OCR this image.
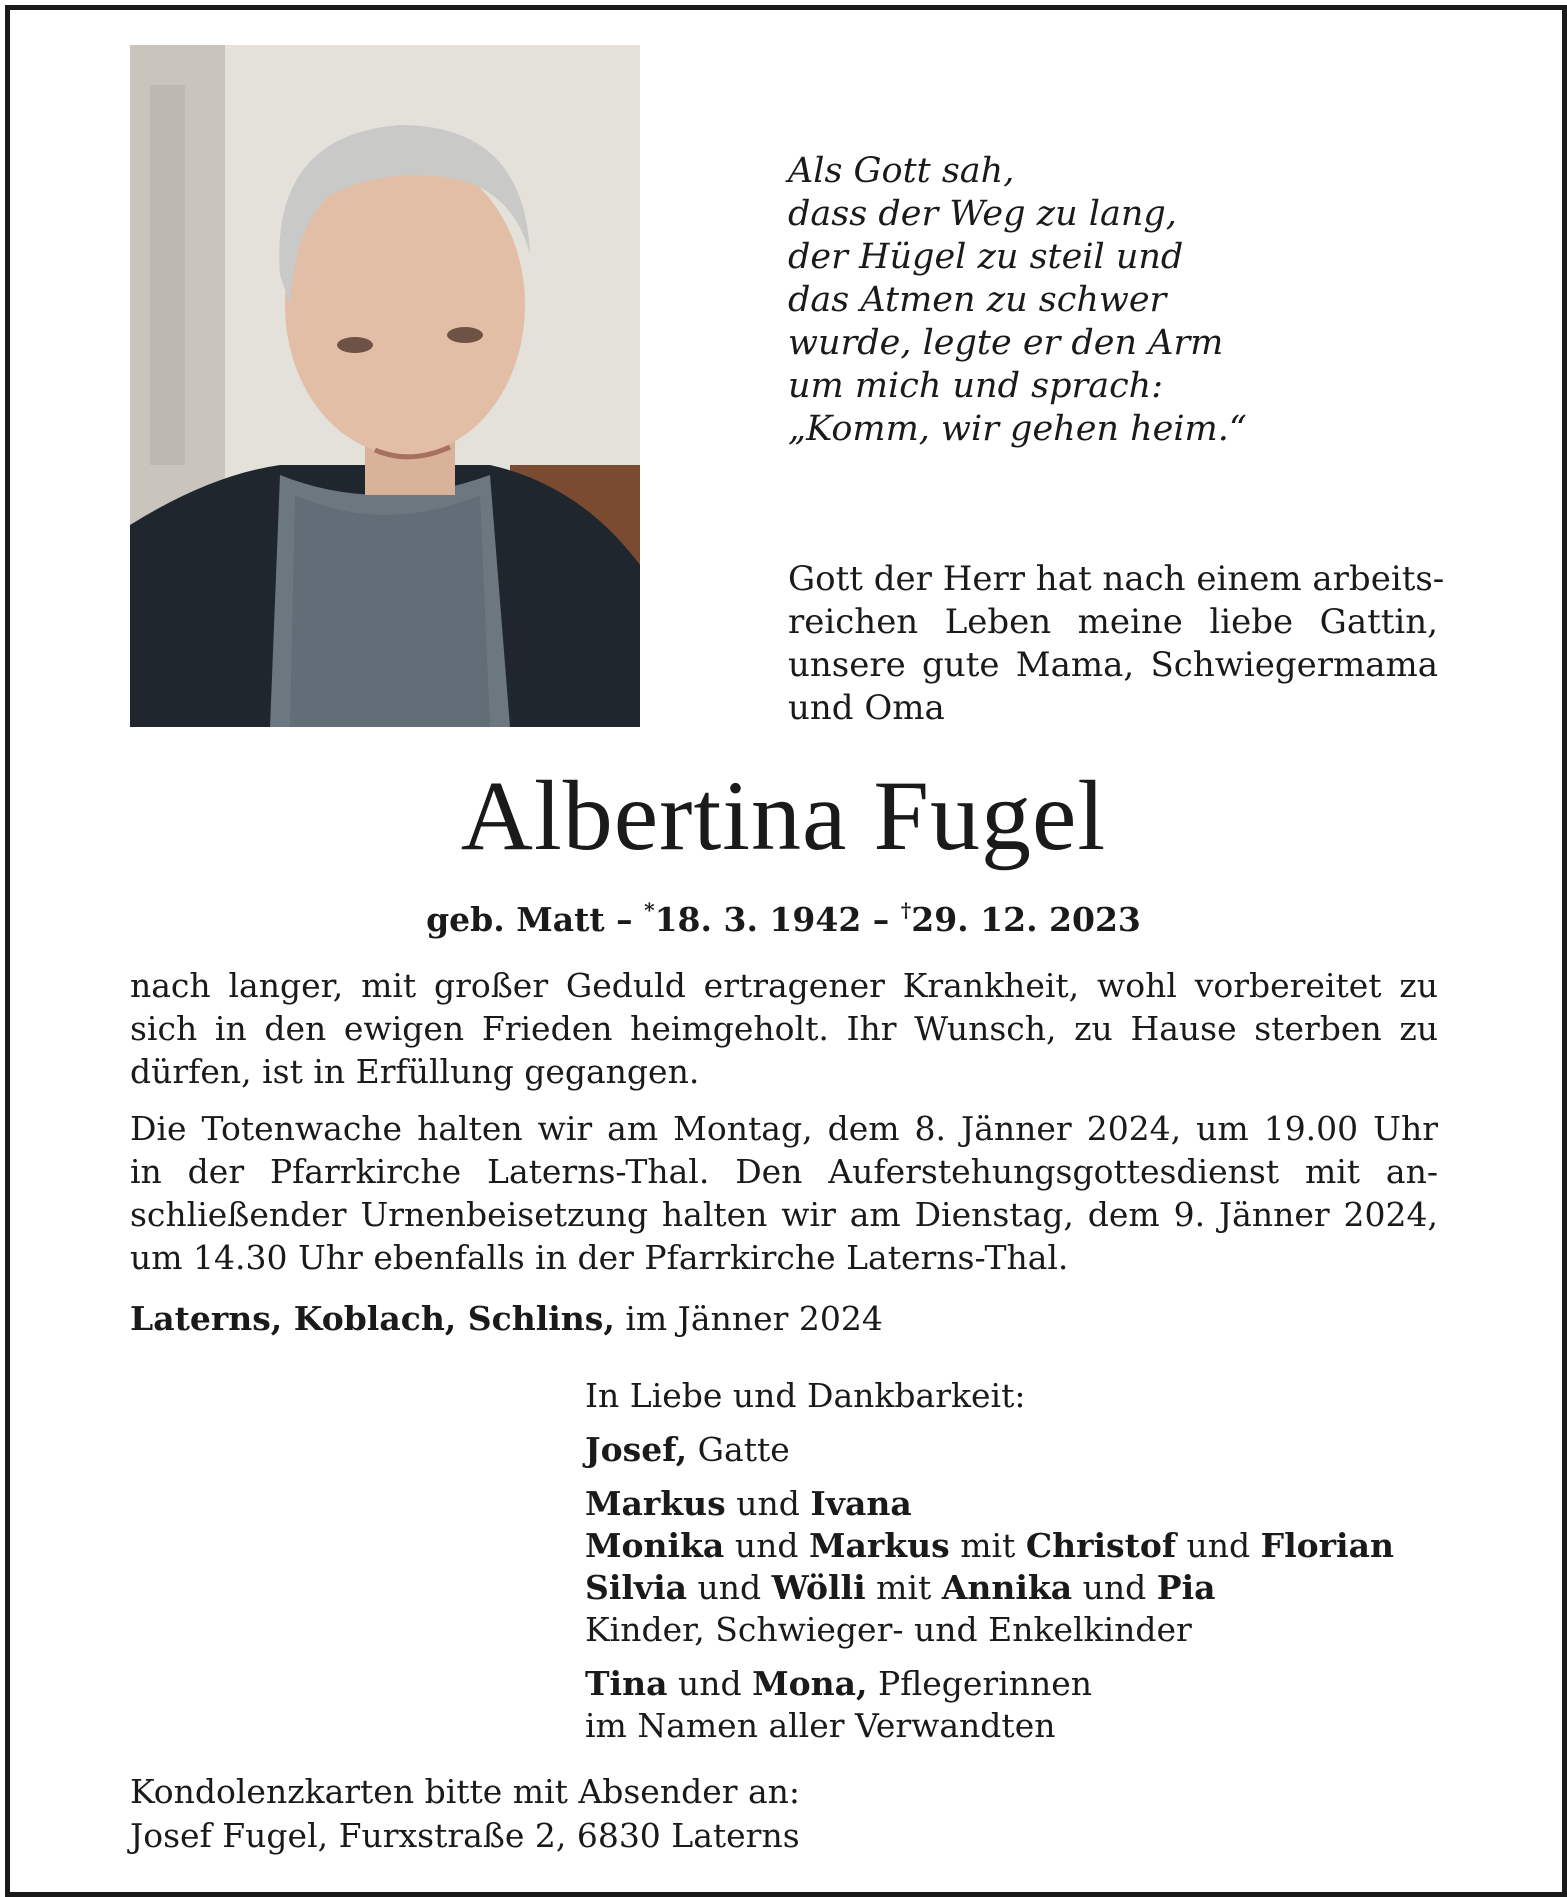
Als Gott sah,
dass der Weg zu lang,
der Hügel zu steil und
das Atmen zu schwer
wurde, legte er den Arm
um mich und sprach:
„Komm, wir gehen heim.“
Gott der Herr hat nach einem arbeits-
reichen Leben meine liebe Gattin,
unsere gute Mama, Schwiegermama
und Oma
Albertina Fugel
geb. Matt – *18. 3. 1942 – †29. 12. 2023
nach langer, mit großer Geduld ertragener Krankheit, wohl vorbereitet zu
sich in den ewigen Frieden heimgeholt. Ihr Wunsch, zu Hause sterben zu
dürfen, ist in Erfüllung gegangen.
Die Totenwache halten wir am Montag, dem 8. Jänner 2024, um 19.00 Uhr
in der Pfarrkirche Laterns-Thal. Den Auferstehungsgottesdienst mit an-
schließender Urnenbeisetzung halten wir am Dienstag, dem 9. Jänner 2024,
um 14.30 Uhr ebenfalls in der Pfarrkirche Laterns-Thal.
Laterns, Koblach, Schlins, im Jänner 2024
In Liebe und Dankbarkeit:
Josef, Gatte
Markus und Ivana
Monika und Markus mit Christof und Florian
Silvia und Wölli mit Annika und Pia
Kinder, Schwieger- und Enkelkinder
Tina und Mona, Pflegerinnen
im Namen aller Verwandten
Kondolenzkarten bitte mit Absender an:
Josef Fugel, Furxstraße 2, 6830 Laterns
